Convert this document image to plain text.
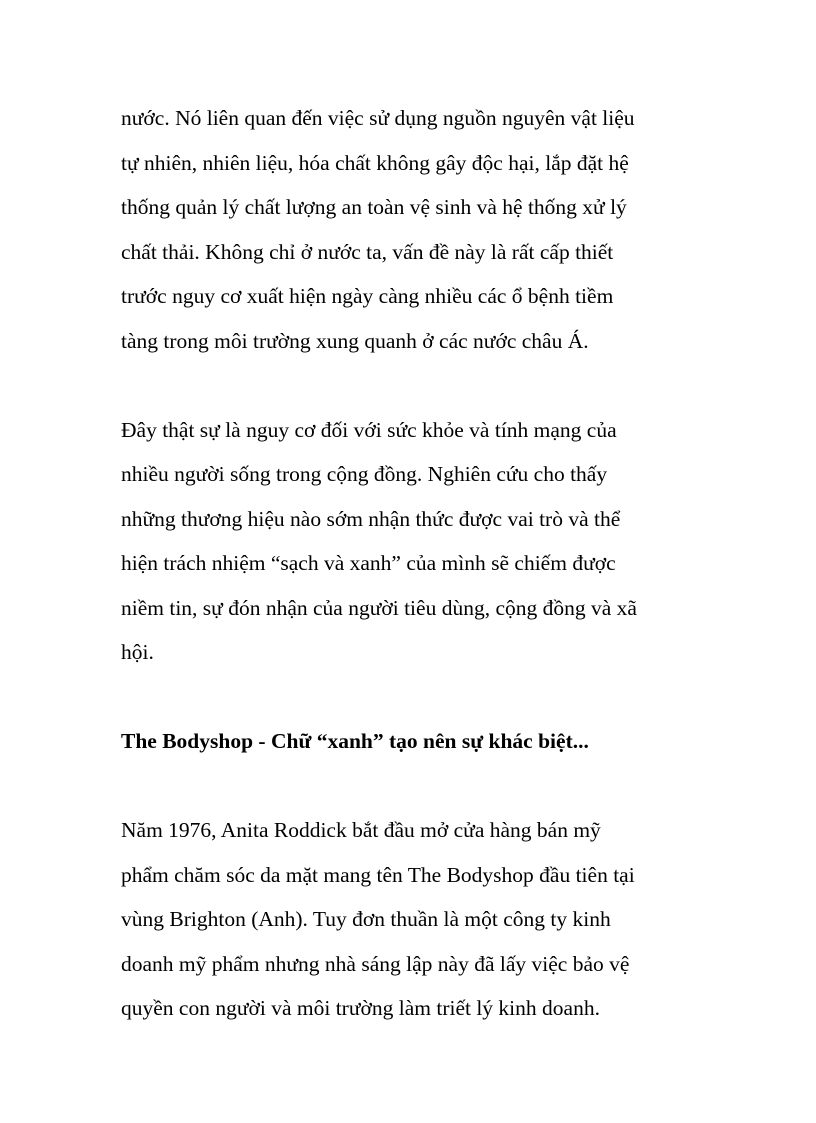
nước. Nó liên quan đến việc sử dụng nguồn nguyên vật liệu
tự nhiên, nhiên liệu, hóa chất không gây độc hại, lắp đặt hệ
thống quản lý chất lượng an toàn vệ sinh và hệ thống xử lý
chất thải. Không chỉ ở nước ta, vấn đề này là rất cấp thiết
trước nguy cơ xuất hiện ngày càng nhiều các ổ bệnh tiềm
tàng trong môi trường xung quanh ở các nước châu Á.
Đây thật sự là nguy cơ đối với sức khỏe và tính mạng của
nhiều người sống trong cộng đồng. Nghiên cứu cho thấy
những thương hiệu nào sớm nhận thức được vai trò và thể
hiện trách nhiệm “sạch và xanh” của mình sẽ chiếm được
niềm tin, sự đón nhận của người tiêu dùng, cộng đồng và xã
hội.
The Bodyshop - Chữ “xanh” tạo nên sự khác biệt...
Năm 1976, Anita Roddick bắt đầu mở cửa hàng bán mỹ
phẩm chăm sóc da mặt mang tên The Bodyshop đầu tiên tại
vùng Brighton (Anh). Tuy đơn thuần là một công ty kinh
doanh mỹ phẩm nhưng nhà sáng lập này đã lấy việc bảo vệ
quyền con người và môi trường làm triết lý kinh doanh.
